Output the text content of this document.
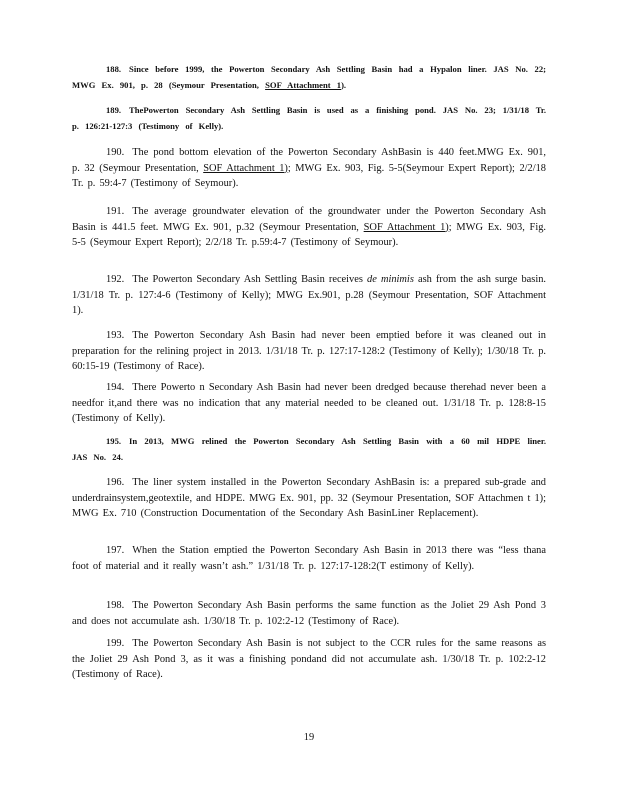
188. Since before 1999, the Powerton Secondary Ash Settling Basin had a Hypalon liner. JAS No. 22; MWG Ex. 901, p. 28 (Seymour Presentation, SOF Attachment 1).

189. ThePowerton Secondary Ash Settling Basin is used as a finishing pond. JAS No. 23; 1/31/18 Tr. p. 126:21-127:3 (Testimony of Kelly).

190. The pond bottom elevation of the Powerton Secondary AshBasin is 440 feet.MWG Ex. 901, p. 32 (Seymour Presentation, SOF Attachment 1); MWG Ex. 903, Fig. 5-5(Seymour Expert Report); 2/2/18 Tr. p. 59:4-7 (Testimony of Seymour).

191. The average groundwater elevation of the groundwater under the Powerton Secondary Ash Basin is 441.5 feet. MWG Ex. 901, p.32 (Seymour Presentation, SOF Attachment 1); MWG Ex. 903, Fig. 5-5 (Seymour Expert Report); 2/2/18 Tr. p.59:4-7 (Testimony of Seymour).

192. The Powerton Secondary Ash Settling Basin receives de minimis ash from the ash surge basin. 1/31/18 Tr. p. 127:4-6 (Testimony of Kelly); MWG Ex.901, p.28 (Seymour Presentation, SOF Attachment 1).

193. The Powerton Secondary Ash Basin had never been emptied before it was cleaned out in preparation for the relining project in 2013. 1/31/18 Tr. p. 127:17-128:2 (Testimony of Kelly); 1/30/18 Tr. p. 60:15-19 (Testimony of Race).

194. There Powerto n Secondary Ash Basin had never been dredged because therehad never been a needfor it,and there was no indication that any material needed to be cleaned out. 1/31/18 Tr. p. 128:8-15 (Testimony of Kelly).

195. In 2013, MWG relined the Powerton Secondary Ash Settling Basin with a 60 mil HDPE liner. JAS No. 24.

196. The liner system installed in the Powerton Secondary AshBasin is: a prepared sub-grade and underdrainsystem,geotextile, and HDPE. MWG Ex. 901, pp. 32 (Seymour Presentation, SOF Attachmen t 1); MWG Ex. 710 (Construction Documentation of the Secondary Ash BasinLiner Replacement).

197. When the Station emptied the Powerton Secondary Ash Basin in 2013 there was “less thana foot of material and it really wasn’t ash.” 1/31/18 Tr. p. 127:17-128:2(T estimony of Kelly).

198. The Powerton Secondary Ash Basin performs the same function as the Joliet 29 Ash Pond 3 and does not accumulate ash. 1/30/18 Tr. p. 102:2-12 (Testimony of Race).

199. The Powerton Secondary Ash Basin is not subject to the CCR rules for the same reasons as the Joliet 29 Ash Pond 3, as it was a finishing pondand did not accumulate ash. 1/30/18 Tr. p. 102:2-12 (Testimony of Race).

19
